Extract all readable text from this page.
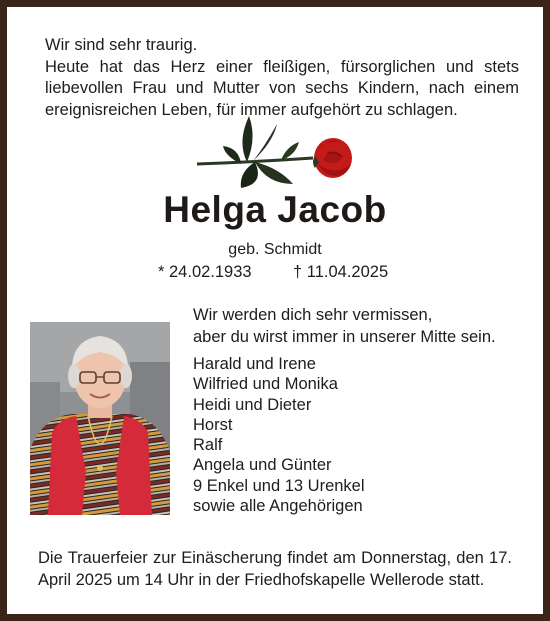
Wir sind sehr traurig.
Heute hat das Herz einer fleißigen, fürsorglichen und stets liebevollen Frau und Mutter von sechs Kindern, nach einem ereignisreichen Leben, für immer aufgehört zu schlagen.
Helga Jacob
geb. Schmidt
* 24.02.1933	† 11.04.2025
Wir werden dich sehr vermissen,
aber du wirst immer in unserer Mitte sein.
Harald und Irene
Wilfried und Monika
Heidi und Dieter
Horst
Ralf
Angela und Günter
9 Enkel und 13 Urenkel
sowie alle Angehörigen
Die Trauerfeier zur Einäscherung findet am Donnerstag, den 17. April 2025 um 14 Uhr in der Friedhofskapelle Wellerode statt.
